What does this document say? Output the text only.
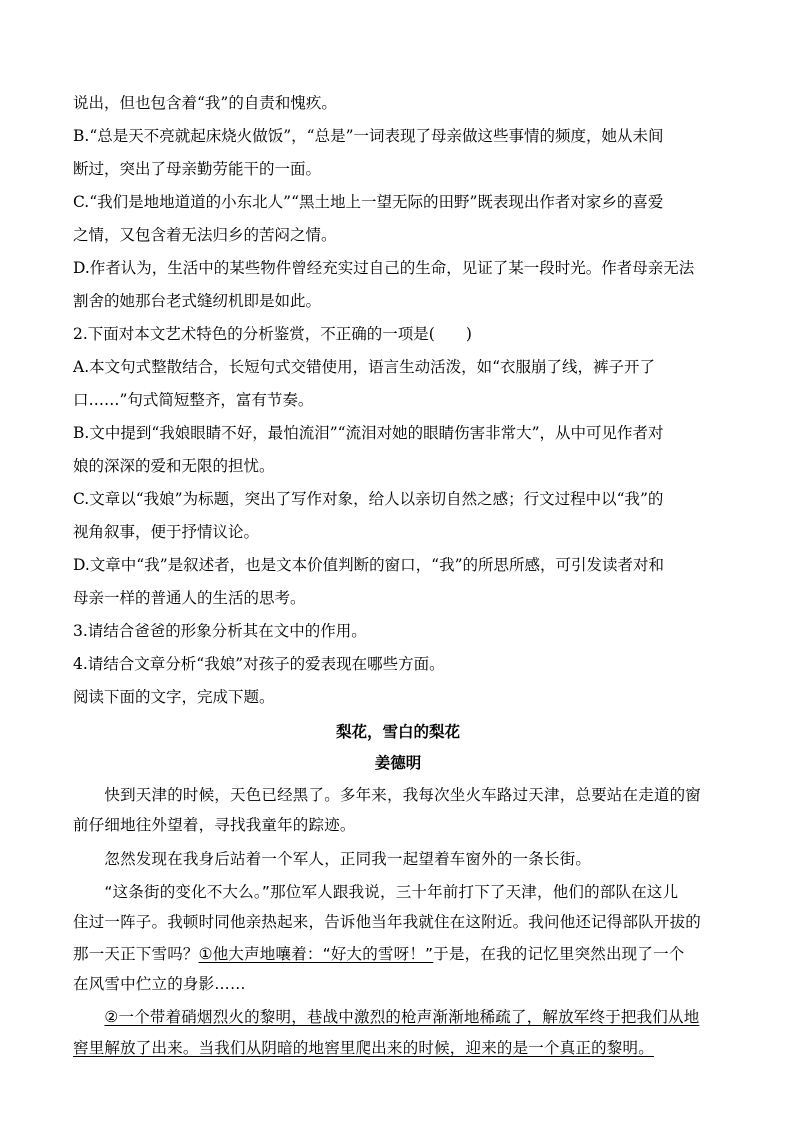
说出，但也包含着“我”的自责和愧疚。
B.“总是天不亮就起床烧火做饭”，“总是”一词表现了母亲做这些事情的频度，她从未间
断过，突出了母亲勤劳能干的一面。
C.“我们是地地道道的小东北人”“黑土地上一望无际的田野”既表现出作者对家乡的喜爱
之情，又包含着无法归乡的苦闷之情。
D.作者认为，生活中的某些物件曾经充实过自己的生命，见证了某一段时光。作者母亲无法
割舍的她那台老式缝纫机即是如此。
2.下面对本文艺术特色的分析鉴赏，不正确的一项是(　　)
A.本文句式整散结合，长短句式交错使用，语言生动活泼，如“衣服崩了线，裤子开了
口……”句式简短整齐，富有节奏。
B.文中提到“我娘眼睛不好，最怕流泪”“流泪对她的眼睛伤害非常大”，从中可见作者对
娘的深深的爱和无限的担忧。
C.文章以“我娘”为标题，突出了写作对象，给人以亲切自然之感；行文过程中以“我”的
视角叙事，便于抒情议论。
D.文章中“我”是叙述者，也是文本价值判断的窗口，“我”的所思所感，可引发读者对和
母亲一样的普通人的生活的思考。
3.请结合爸爸的形象分析其在文中的作用。
4.请结合文章分析“我娘”对孩子的爱表现在哪些方面。
阅读下面的文字，完成下题。
梨花，雪白的梨花
姜德明
　　快到天津的时候，天色已经黑了。多年来，我每次坐火车路过天津，总要站在走道的窗
前仔细地往外望着，寻找我童年的踪迹。
　　忽然发现在我身后站着一个军人，正同我一起望着车窗外的一条长街。
　　“这条街的变化不大么。”那位军人跟我说，三十年前打下了天津，他们的部队在这儿
住过一阵子。我顿时同他亲热起来，告诉他当年我就住在这附近。我问他还记得部队开拔的
那一天正下雪吗？①他大声地嚷着：“好大的雪呀！”于是，在我的记忆里突然出现了一个
在风雪中伫立的身影……
　　②一个带着硝烟烈火的黎明，巷战中激烈的枪声渐渐地稀疏了，解放军终于把我们从地
窖里解放了出来。当我们从阴暗的地窖里爬出来的时候，迎来的是一个真正的黎明。
